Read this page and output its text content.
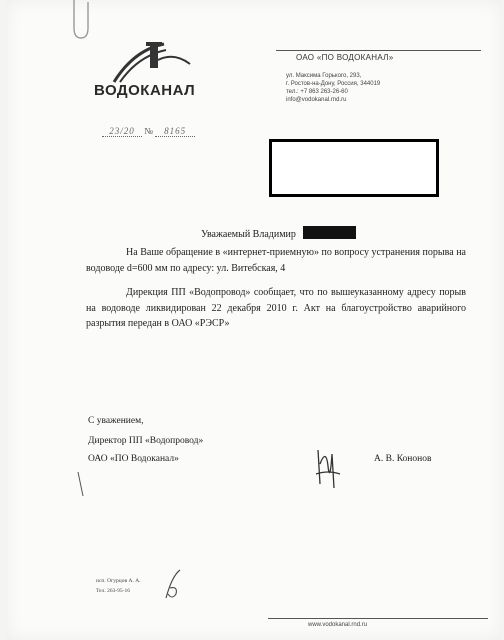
ВОДОКАНАЛ
ОАО «ПО ВОДОКАНАЛ»
ул. Максима Горького, 293,
г. Ростов-на-Дону, Россия, 344019
тел.: +7 863 263-26-60
info@vodokanal.rnd.ru
23/20 № 8165
Уважаемый Владимир
На Ваше обращение в «интернет-приемную» по вопросу устранения порыва на водоводе d=600 мм по адресу: ул. Витебская, 4
Дирекция ПП «Водопровод» сообщает, что по вышеуказанному адресу порыв на водоводе ликвидирован 22 декабря 2010 г. Акт на благоустройство аварийного разрытия передан в ОАО «РЭСР»
С уважением,
Директор ПП «Водопровод»
ОАО «ПО Водоканал»	А. В. Кононов
исп. Огурцов А. А.
Тел. 263-95-16
www.vodokanal.rnd.ru
